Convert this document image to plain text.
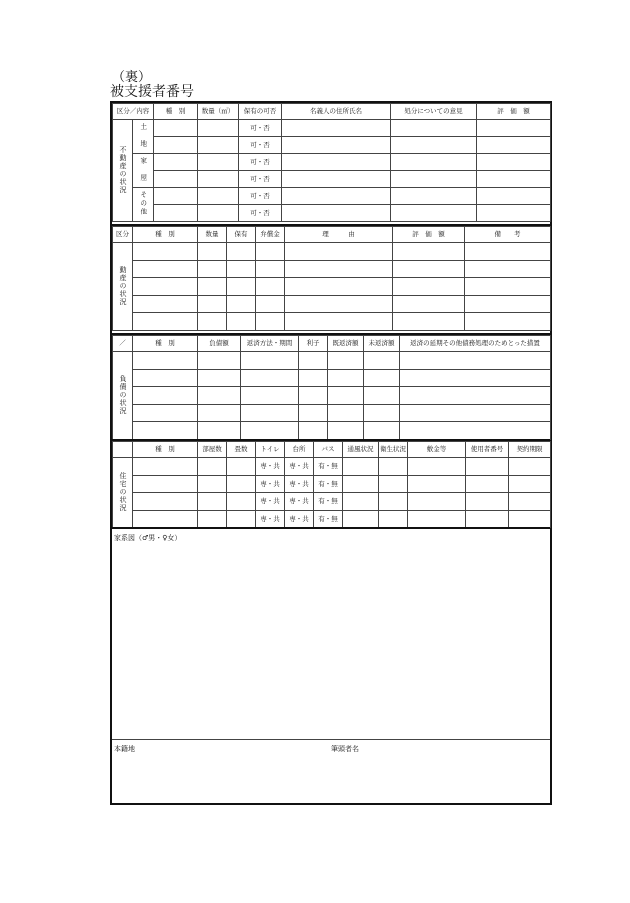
（裏）
被支援者番号
区分／内容		種　別	数量（㎡）	保有の可否	名義人の住所氏名	処分についての意見	評　価　額
不動産の状況	土　地			可・否			
				可・否			
	家　屋			可・否			
				可・否			
	その他			可・否			
				可・否			
区分	種　別	数量	保有	弁償金	理　　　由	評　価　額	備　　考
動産の状況							

／	種　別	負債額	返済方法・期間	利子	既返済額	未返済額	返済の延期その他債務処理のためとった措置
負債の状況							

	種　別	部屋数	畳数	トイレ	台所	バス	通風状況	衛生状況	敷金等	使用者番号	契約期限
住宅の状況				専・共	専・共	有・無					
				専・共	専・共	有・無					
				専・共	専・共	有・無					
				専・共	専・共	有・無					
家系図（♂男・♀女）
本籍地	筆頭者名
